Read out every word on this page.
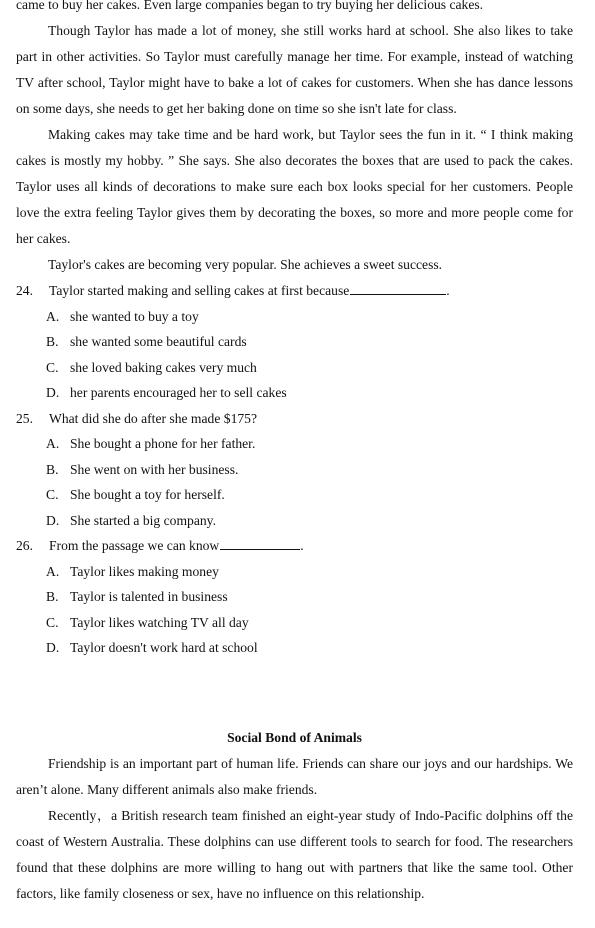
came to buy her cakes. Even large companies began to try buying her delicious cakes.

Though Taylor has made a lot of money, she still works hard at school. She also likes to take part in other activities. So Taylor must carefully manage her time. For example, instead of watching TV after school, Taylor might have to bake a lot of cakes for customers. When she has dance lessons on some days, she needs to get her baking done on time so she isn't late for class.

Making cakes may take time and be hard work, but Taylor sees the fun in it. “ I think making cakes is mostly my hobby. ” She says. She also decorates the boxes that are used to pack the cakes. Taylor uses all kinds of decorations to make sure each box looks special for her customers. People love the extra feeling Taylor gives them by decorating the boxes, so more and more people come for her cakes.

Taylor's cakes are becoming very popular. She achieves a sweet success.

24.	Taylor started making and selling cakes at first because	.
A. she wanted to buy a toy
B. she wanted some beautiful cards
C. she loved baking cakes very much
D. her parents encouraged her to sell cakes
25.	What did she do after she made $175?
A. She bought a phone for her father.
B. She went on with her business.
C. She bought a toy for herself.
D. She started a big company.
26.	From the passage we can know	.
A. Taylor likes making money
B. Taylor is talented in business
C. Taylor likes watching TV all day
D. Taylor doesn't work hard at school

Social Bond of Animals

Friendship is an important part of human life. Friends can share our joys and our hardships. We aren’t alone. Many different animals also make friends.

Recently，a British research team finished an eight-year study of Indo-Pacific dolphins off the coast of Western Australia. These dolphins can use different tools to search for food. The researchers found that these dolphins are more willing to hang out with partners that like the same tool. Other factors, like family closeness or sex, have no influence on this relationship.
